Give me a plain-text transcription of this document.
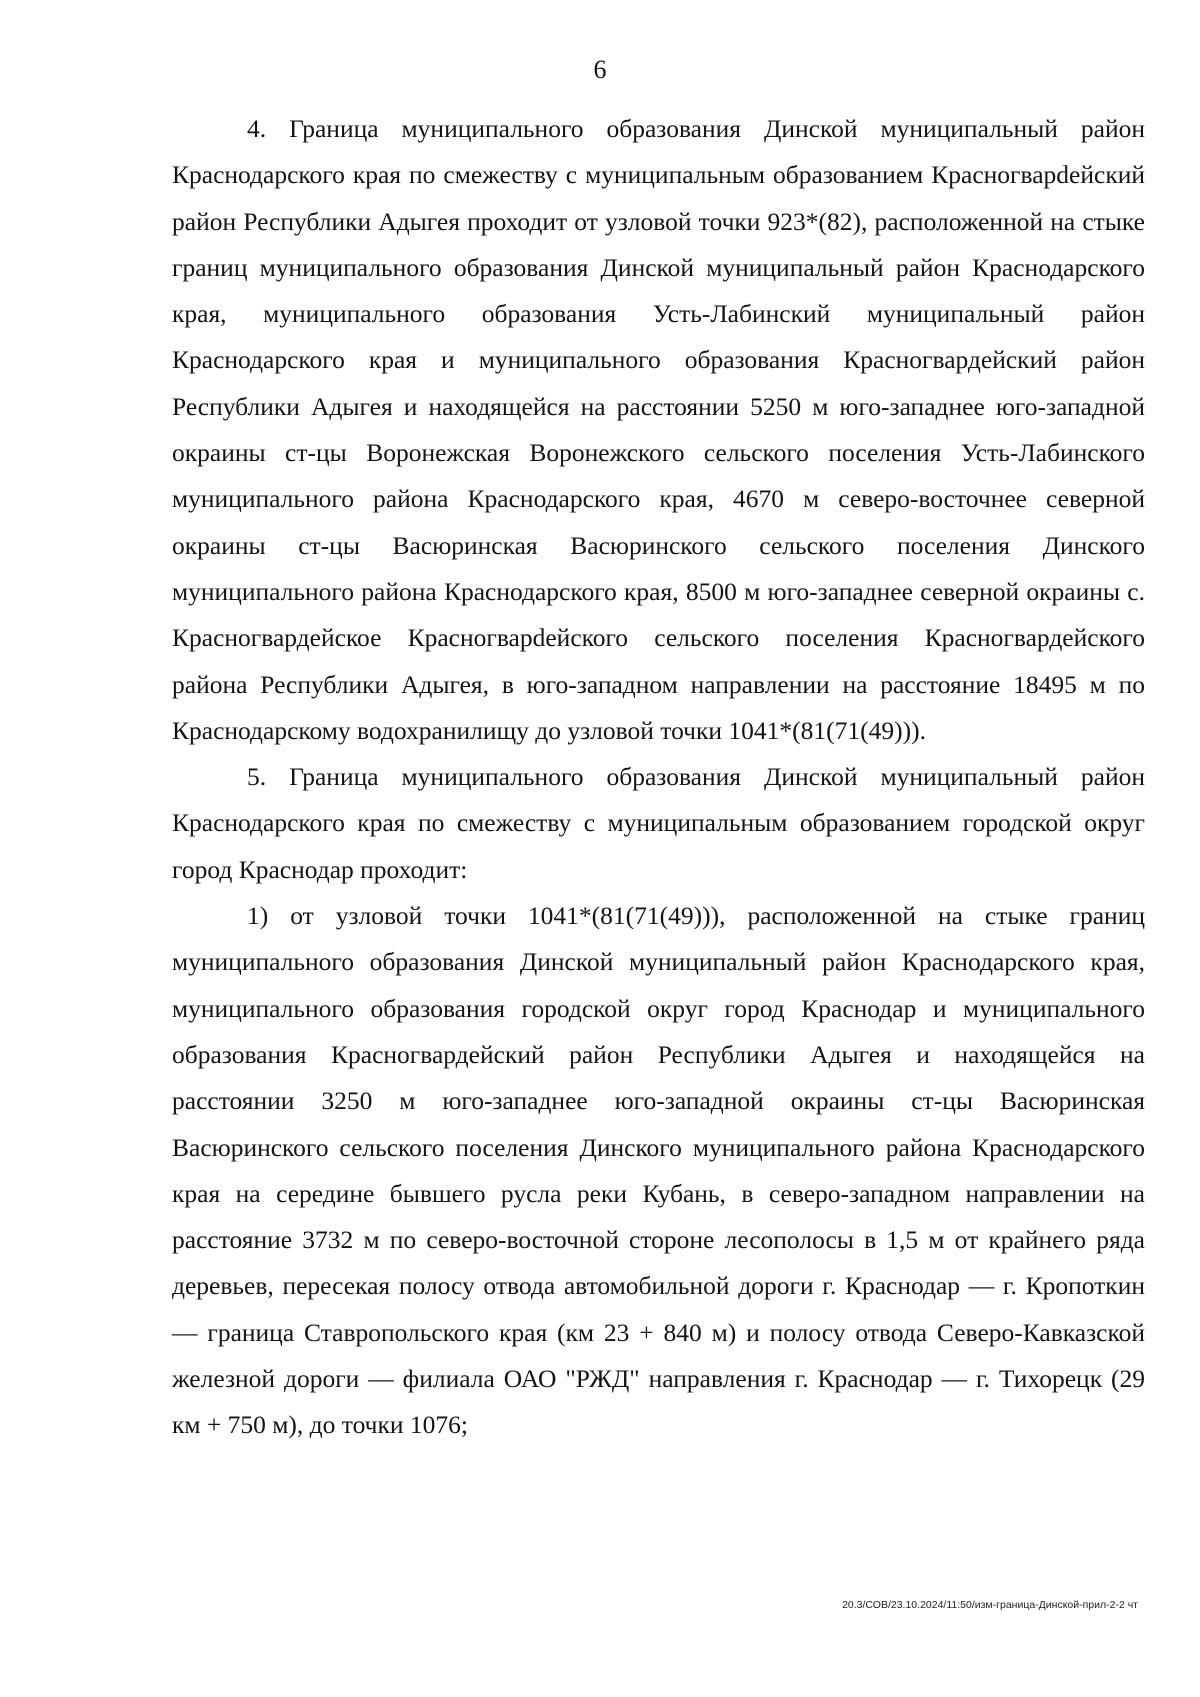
6

4. Граница муниципального образования Динской муниципальный район Краснодарского края по смежеству с муниципальным образованием Красногварdейский район Республики Адыгея проходит от узловой точки 923*(82), расположенной на стыке границ муниципального образования Динской муниципальный район Краснодарского края, муниципального образования Усть-Лабинский муниципальный район Краснодарского края и муниципального образования Красногвардейский район Республики Адыгея и находящейся на расстоянии 5250 м юго-западнее юго-западной окраины ст-цы Воронежская Воронежского сельского поселения Усть-Лабинского муниципального района Краснодарского края, 4670 м северо-восточнее северной окраины ст-цы Васюринская Васюринского сельского поселения Динского муниципального района Краснодарского края, 8500 м юго-западнее северной окраины с. Красногвардейское Красногварdейского сельского поселения Красногвардейского района Республики Адыгея, в юго-западном направлении на расстояние 18495 м по Краснодарскому водохранилищу до узловой точки 1041*(81(71(49))).

5. Граница муниципального образования Динской муниципальный район Краснодарского края по смежеству с муниципальным образованием городской округ город Краснодар проходит:

1) от узловой точки 1041*(81(71(49))), расположенной на стыке границ муниципального образования Динской муниципальный район Краснодарского края, муниципального образования городской округ город Краснодар и муниципального образования Красногвардейский район Республики Адыгея и находящейся на расстоянии 3250 м юго-западнее юго-западной окраины ст-цы Васюринская Васюринского сельского поселения Динского муниципального района Краснодарского края на середине бывшего русла реки Кубань, в северо-западном направлении на расстояние 3732 м по северо-восточной стороне лесополосы в 1,5 м от крайнего ряда деревьев, пересекая полосу отвода автомобильной дороги г. Краснодар — г. Кропоткин — граница Ставропольского края (км 23 + 840 м) и полосу отвода Северо-Кавказской железной дороги — филиала ОАО "РЖД" направления г. Краснодар — г. Тихорецк (29 км + 750 м), до точки 1076;

20.3/СОВ/23.10.2024/11:50/изм-граница-Динской-прил-2-2 чт
